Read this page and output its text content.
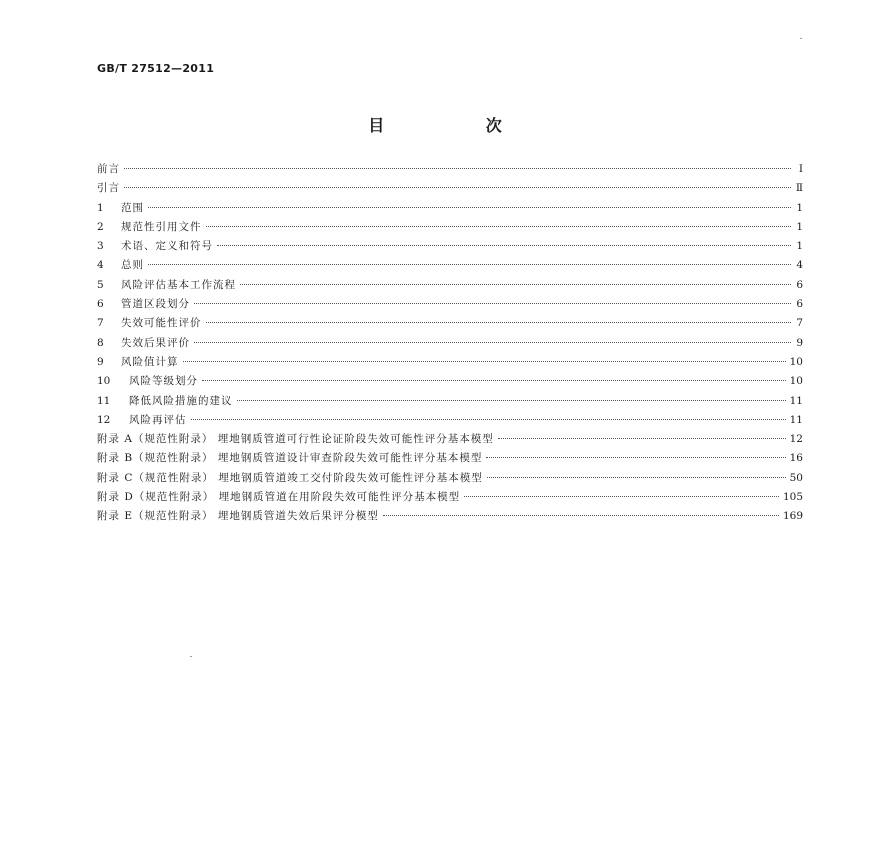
GB/T 27512—2011
目 次
前言	Ⅰ
引言	Ⅱ
1	范围	1
2	规范性引用文件	1
3	术语、定义和符号	1
4	总则	4
5	风险评估基本工作流程	6
6	管道区段划分	6
7	失效可能性评价	7
8	失效后果评价	9
9	风险值计算	10
10	风险等级划分	10
11	降低风险措施的建议	11
12	风险再评估	11
附录 A（规范性附录） 埋地钢质管道可行性论证阶段失效可能性评分基本模型	12
附录 B（规范性附录） 埋地钢质管道设计审查阶段失效可能性评分基本模型	16
附录 C（规范性附录） 埋地钢质管道竣工交付阶段失效可能性评分基本模型	50
附录 D（规范性附录） 埋地钢质管道在用阶段失效可能性评分基本模型	105
附录 E（规范性附录） 埋地钢质管道失效后果评分模型	169
